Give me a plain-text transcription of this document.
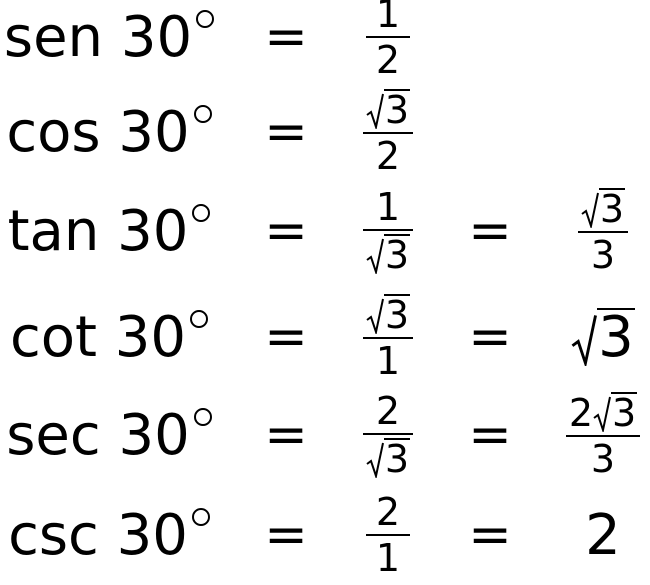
sen
$30 = \frac{1}{2}$
cos
$30 = \frac{3}{2}$
tan
$30 = \frac{1}{3} = \frac{3}{3}$
cot
$30 = \frac{3}{1} = 3$
sec
$30 = \frac{2}{3} = \frac{2 3}{3}$
csc
$30 = \frac{2}{1} = 2$
